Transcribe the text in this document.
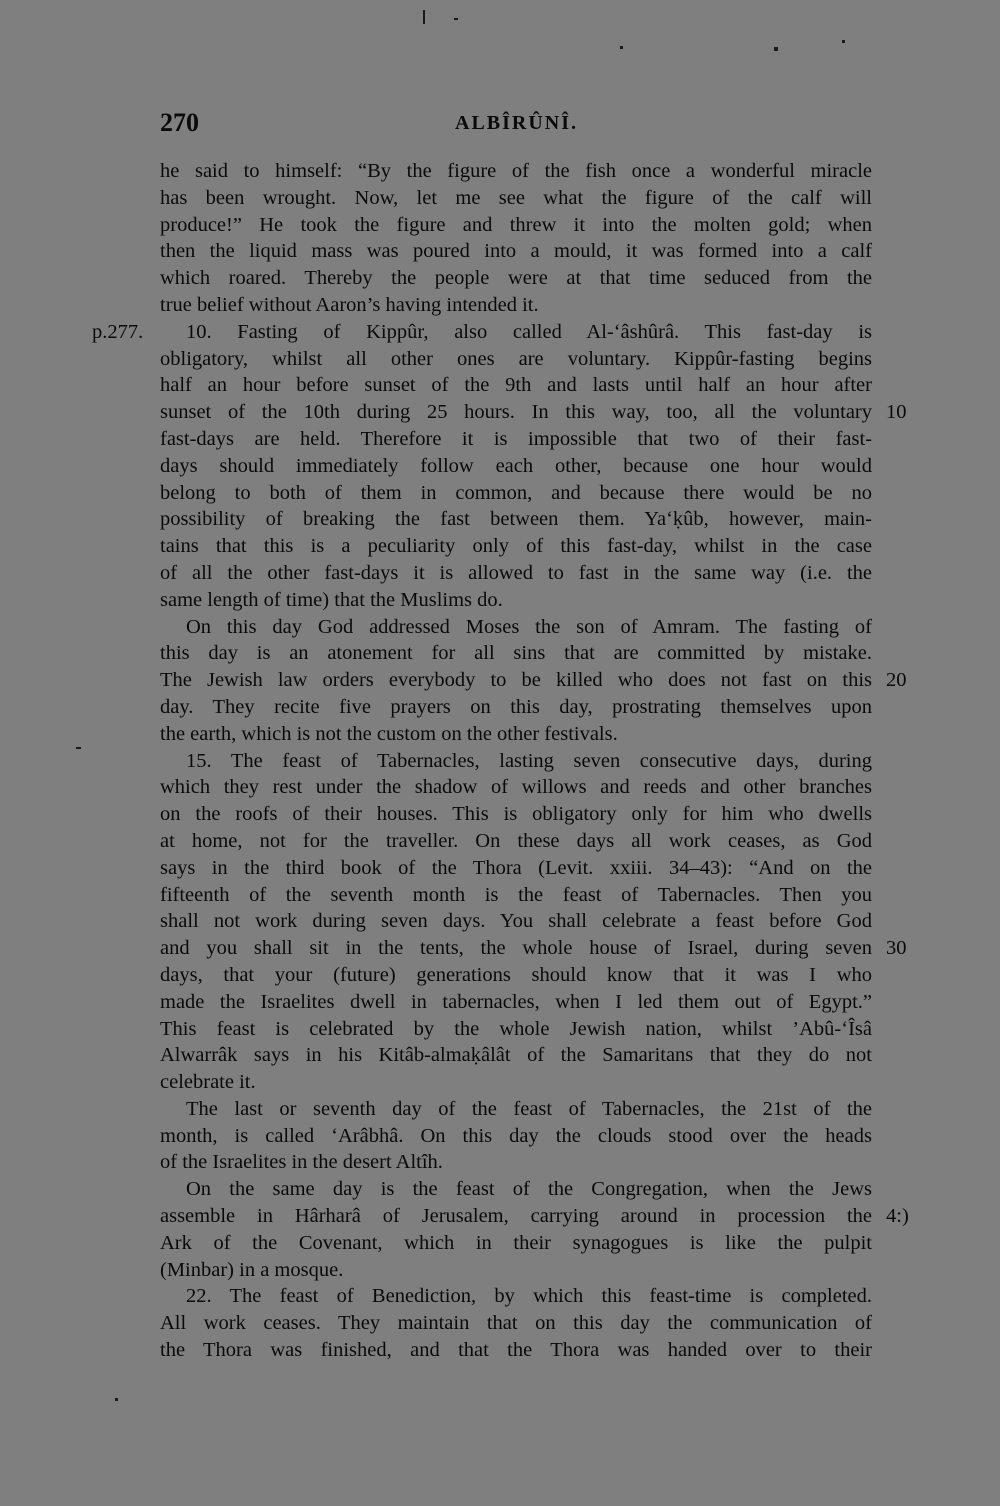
270	ALBÎRÛNÎ.
he said to himself: “By the figure of the fish once a wonderful miracle
has been wrought. Now, let me see what the figure of the calf will
produce!” He took the figure and threw it into the molten gold; when
then the liquid mass was poured into a mould, it was formed into a calf
which roared. Thereby the people were at that time seduced from the
true belief without Aaron’s having intended it.
p.277. 10. Fasting of Kippûr, also called Al-‘âshûrâ. This fast-day is
obligatory, whilst all other ones are voluntary. Kippûr-fasting begins
half an hour before sunset of the 9th and lasts until half an hour after
sunset of the 10th during 25 hours. In this way, too, all the voluntary 10
fast-days are held. Therefore it is impossible that two of their fast-
days should immediately follow each other, because one hour would
belong to both of them in common, and because there would be no
possibility of breaking the fast between them. Ya‘ḳûb, however, main-
tains that this is a peculiarity only of this fast-day, whilst in the case
of all the other fast-days it is allowed to fast in the same way (i.e. the
same length of time) that the Muslims do.
On this day God addressed Moses the son of Amram. The fasting of
this day is an atonement for all sins that are committed by mistake.
The Jewish law orders everybody to be killed who does not fast on this 20
day. They recite five prayers on this day, prostrating themselves upon
the earth, which is not the custom on the other festivals.
15. The feast of Tabernacles, lasting seven consecutive days, during
which they rest under the shadow of willows and reeds and other branches
on the roofs of their houses. This is obligatory only for him who dwells
at home, not for the traveller. On these days all work ceases, as God
says in the third book of the Thora (Levit. xxiii. 34–43): “And on the
fifteenth of the seventh month is the feast of Tabernacles. Then you
shall not work during seven days. You shall celebrate a feast before God
and you shall sit in the tents, the whole house of Israel, during seven 30
days, that your (future) generations should know that it was I who
made the Israelites dwell in tabernacles, when I led them out of Egypt.”
This feast is celebrated by the whole Jewish nation, whilst ’Abû-‘Îsâ
Alwarrâk says in his Kitâb-almaḳâlât of the Samaritans that they do not
celebrate it.
The last or seventh day of the feast of Tabernacles, the 21st of the
month, is called ‘Arâbhâ. On this day the clouds stood over the heads
of the Israelites in the desert Altîh.
On the same day is the feast of the Congregation, when the Jews
assemble in Hârharâ of Jerusalem, carrying around in procession the 4:)
Ark of the Covenant, which in their synagogues is like the pulpit
(Minbar) in a mosque.
22. The feast of Benediction, by which this feast-time is completed.
All work ceases. They maintain that on this day the communication of
the Thora was finished, and that the Thora was handed over to their
